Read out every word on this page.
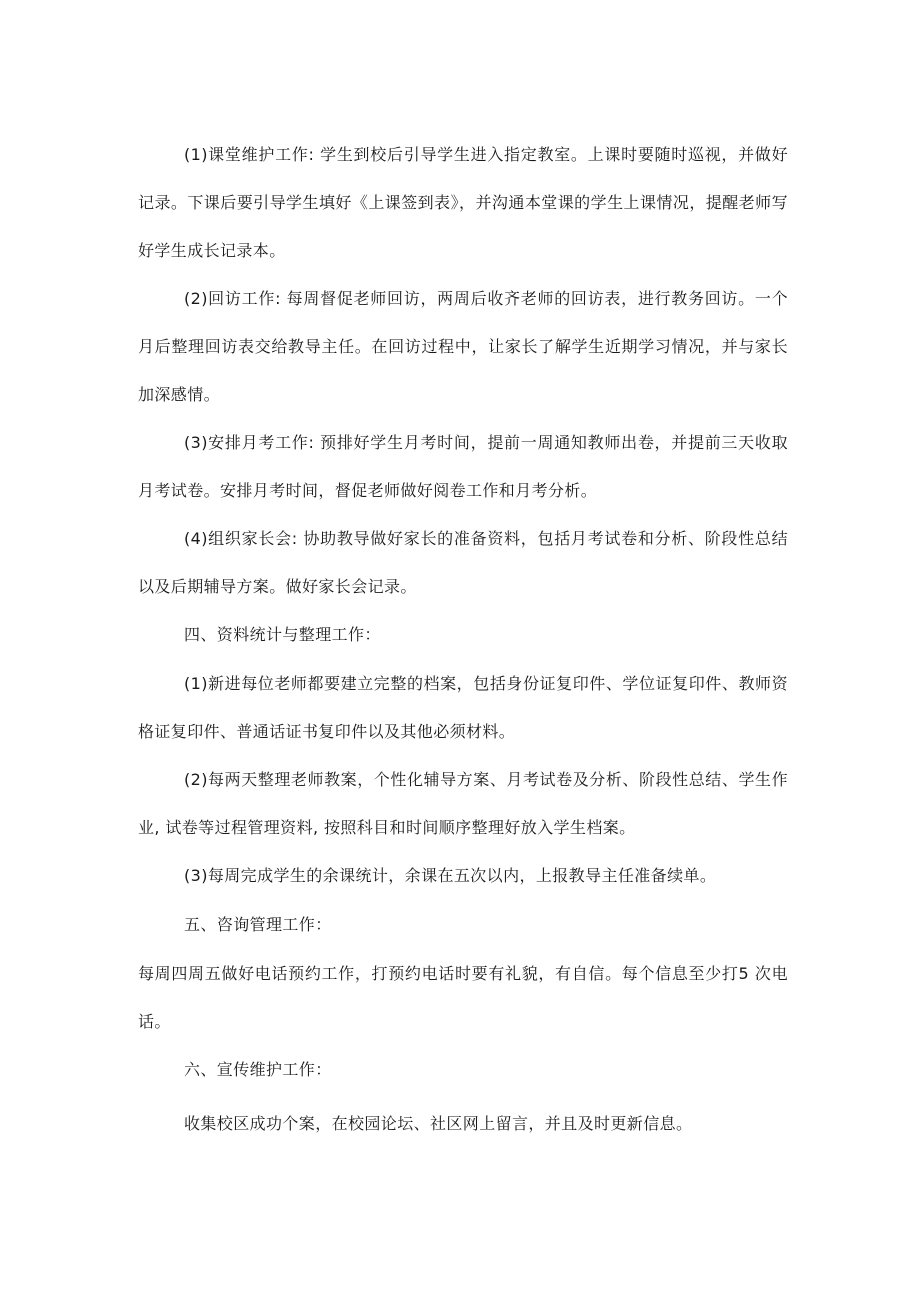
(1)课堂维护工作: 学生到校后引导学生进入指定教室。上课时要随时巡视，并做好记录。下课后要引导学生填好《上课签到表》，并沟通本堂课的学生上课情况，提醒老师写好学生成长记录本。

(2)回访工作: 每周督促老师回访，两周后收齐老师的回访表，进行教务回访。一个月后整理回访表交给教导主任。在回访过程中，让家长了解学生近期学习情况，并与家长加深感情。

(3)安排月考工作: 预排好学生月考时间，提前一周通知教师出卷，并提前三天收取月考试卷。安排月考时间，督促老师做好阅卷工作和月考分析。

(4)组织家长会: 协助教导做好家长的准备资料，包括月考试卷和分析、阶段性总结以及后期辅导方案。做好家长会记录。

四、资料统计与整理工作：

(1)新进每位老师都要建立完整的档案，包括身份证复印件、学位证复印件、教师资格证复印件、普通话证书复印件以及其他必须材料。

(2)每两天整理老师教案，个性化辅导方案、月考试卷及分析、阶段性总结、学生作业, 试卷等过程管理资料, 按照科目和时间顺序整理好放入学生档案。

(3)每周完成学生的余课统计，余课在五次以内，上报教导主任准备续单。

五、咨询管理工作：

每周四周五做好电话预约工作，打预约电话时要有礼貌，有自信。每个信息至少打5 次电话。

六、宣传维护工作：

收集校区成功个案，在校园论坛、社区网上留言，并且及时更新信息。
